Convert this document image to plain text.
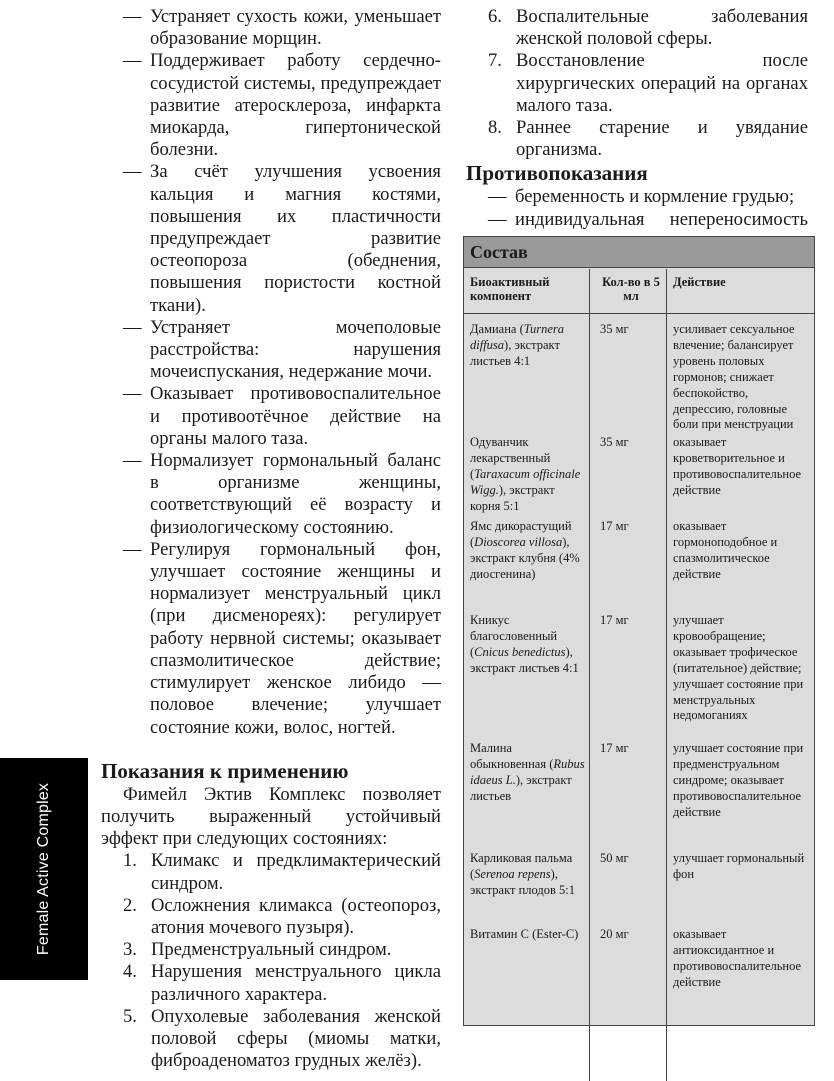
— Устраняет сухость кожи, уменьшает образование морщин.
— Поддерживает работу сердечно-сосудистой системы, предупреждает развитие атеросклероза, инфаркта миокарда, гипертонической болезни.
— За счёт улучшения усвоения кальция и магния костями, повышения их пластичности предупреждает развитие остеопороза (обеднения, повышения пористости костной ткани).
— Устраняет мочеполовые расстройства: нарушения мочеиспускания, недержание мочи.
— Оказывает противовоспалительное и противоотёчное действие на органы малого таза.
— Нормализует гормональный баланс в организме женщины, соответствующий её возрасту и физиологическому состоянию.
— Регулируя гормональный фон, улучшает состояние женщины и нормализует менструальный цикл (при дисменореях): регулирует работу нервной системы; оказывает спазмолитическое действие; стимулирует женское либидо — половое влечение; улучшает состояние кожи, волос, ногтей.
Показания к применению

Фимейл Эктив Комплекс позволяет получить выраженный устойчивый эффект при следующих состояниях:

1. Климакс и предклимактерический синдром.
2. Осложнения климакса (остеопороз, атония мочевого пузыря).
3. Предменструальный синдром.
4. Нарушения менструального цикла различного характера.
5. Опухолевые заболевания женской половой сферы (миомы матки, фиброаденоматоз грудных желёз).
6. Воспалительные заболевания женской половой сферы.
7. Восстановление после хирургических операций на органах малого таза.
8. Раннее старение и увядание организма.
Противопоказания
— беременность и кормление грудью;
— индивидуальная непереносимость
Состав
Биоактивный компонент	Кол-во в 5 мл	Действие
Дамиана (Turnera diffusa), экстракт листьев 4:1	35 мг	усиливает сексуальное влечение; балансирует уровень половых гормонов; снижает беспокойство, депрессию, головные боли при менструации
Одуванчик лекарственный (Taraxacum officinale Wigg.), экстракт корня 5:1	35 мг	оказывает кроветворительное и противовоспалительное действие
Ямс дикорастущий (Dioscorea villosa), экстракт клубня (4% диосгенина)	17 мг	оказывает гормоноподобное и спазмолитическое действие
Кникус благословенный (Cnicus benedictus), экстракт листьев 4:1	17 мг	улучшает кровообращение; оказывает трофическое (питательное) действие; улучшает состояние при менструальных недомоганиях
Малина обыкновенная (Rubus idaeus L.), экстракт листьев	17 мг	улучшает состояние при предменструальном синдроме; оказывает противовоспалительное действие
Карликовая пальма (Serenoa repens), экстракт плодов 5:1	50 мг	улучшает гормональный фон
Витамин С (Ester-C)	20 мг	оказывает антиоксидантное и противовоспалительное действие

Female Active Complex
